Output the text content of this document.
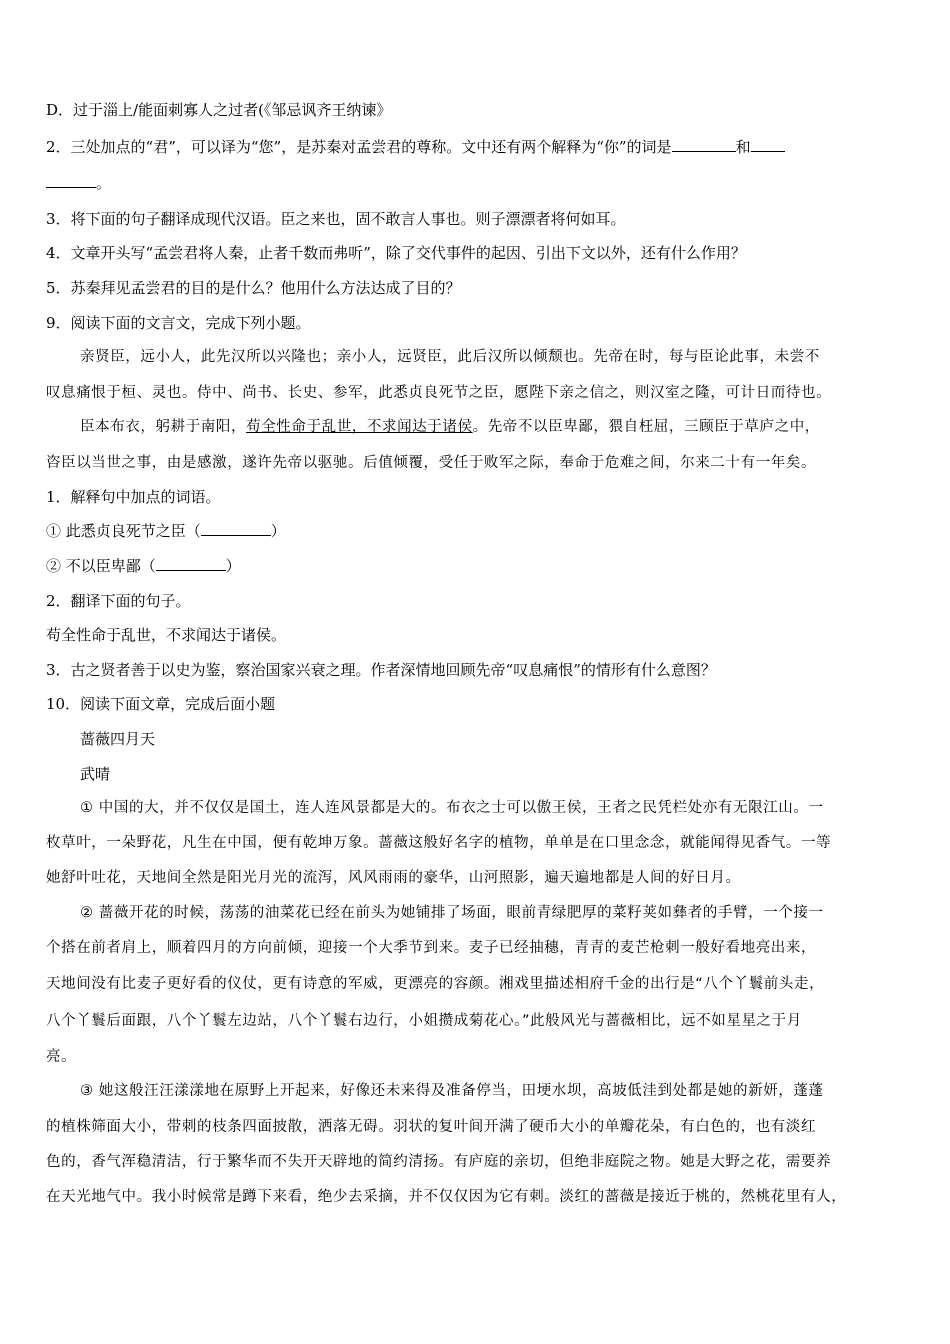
D．过于淄上/能面刺寡人之过者(《邹忌讽齐王纳谏》
2．三处加点的“君”，可以译为“您”，是苏秦对孟尝君的尊称。文中还有两个解释为“你”的词是	和
。
3．将下面的句子翻译成现代汉语。臣之来也，固不敢言人事也。则子漂漂者将何如耳。
4．文章开头写“孟尝君将人秦，止者千数而弗听”，除了交代事件的起因、引出下文以外，还有什么作用？
5．苏秦拜见孟尝君的目的是什么？他用什么方法达成了目的？
9．阅读下面的文言文，完成下列小题。
亲贤臣，远小人，此先汉所以兴隆也；亲小人，远贤臣，此后汉所以倾颓也。先帝在时，每与臣论此事，未尝不
叹息痛恨于桓、灵也。侍中、尚书、长史、参军，此悉贞良死节之臣，愿陛下亲之信之，则汉室之隆，可计日而待也。
臣本布衣，躬耕于南阳，苟全性命于乱世，不求闻达于诸侯。先帝不以臣卑鄙，猥自枉屈，三顾臣于草庐之中，
咨臣以当世之事，由是感激，遂许先帝以驱驰。后值倾覆，受任于败军之际，奉命于危难之间，尔来二十有一年矣。
1．解释句中加点的词语。
① 此悉贞良死节之臣（	）
② 不以臣卑鄙（	）
2．翻译下面的句子。
苟全性命于乱世，不求闻达于诸侯。
3．古之贤者善于以史为鉴，察治国家兴衰之理。作者深情地回顾先帝“叹息痛恨”的情形有什么意图？
10．阅读下面文章，完成后面小题
蔷薇四月天
武晴
① 中国的大，并不仅仅是国土，连人连风景都是大的。布衣之士可以傲王侯，王者之民凭栏处亦有无限江山。一
枚草叶，一朵野花，凡生在中国，便有乾坤万象。蔷薇这般好名字的植物，单单是在口里念念，就能闻得见香气。一等
她舒叶吐花，天地间全然是阳光月光的流泻，风风雨雨的豪华，山河照影，遍天遍地都是人间的好日月。
② 蔷薇开花的时候，荡荡的油菜花已经在前头为她铺排了场面，眼前青绿肥厚的菜籽荚如彝者的手臂，一个接一
个搭在前者肩上，顺着四月的方向前倾，迎接一个大季节到来。麦子已经抽穗，青青的麦芒枪刺一般好看地亮出来，
天地间没有比麦子更好看的仪仗，更有诗意的军威，更漂亮的容颜。湘戏里描述相府千金的出行是“八个丫鬟前头走，
八个丫鬟后面跟，八个丫鬟左边站，八个丫鬟右边行，小姐攒成菊花心。”此般风光与蔷薇相比，远不如星星之于月
亮。
③ 她这般汪汪漾漾地在原野上开起来，好像还未来得及准备停当，田埂水坝，高坡低洼到处都是她的新妍，蓬蓬
的植株筛面大小，带刺的枝条四面披散，洒落无碍。羽状的复叶间开满了硬币大小的单瓣花朵，有白色的，也有淡红
色的，香气浑稳清洁，行于繁华而不失开天辟地的简约清扬。有庐庭的亲切，但绝非庭院之物。她是大野之花，需要养
在天光地气中。我小时候常是蹲下来看，绝少去采摘，并不仅仅因为它有刺。淡红的蔷薇是接近于桃的，然桃花里有人，
